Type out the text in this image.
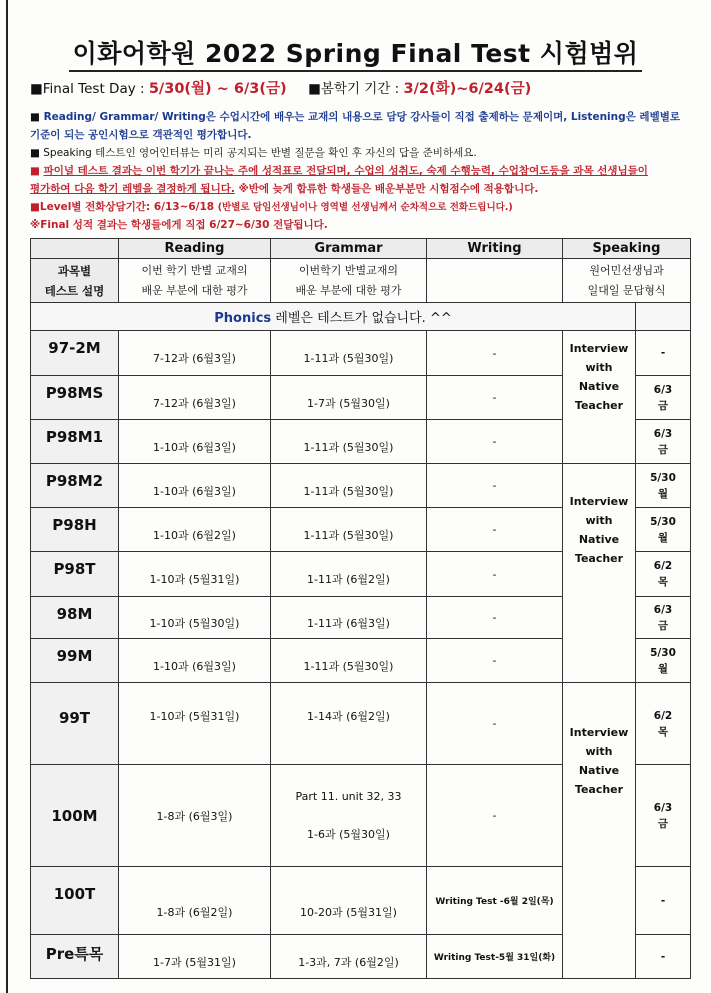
이화어학원 2022 Spring Final Test 시험범위
■Final Test Day : 5/30(월) ~ 6/3(금) ■봄학기 기간 : 3/2(화)~6/24(금)
■ Reading/ Grammar/ Writing은 수업시간에 배우는 교재의 내용으로 담당 강사들이 직접 출제하는 문제이며, Listening은 레벨별로
기준이 되는 공인시험으로 객관적인 평가합니다.
■ Speaking 테스트인 영어인터뷰는 미리 공지되는 반별 질문을 확인 후 자신의 답을 준비하세요.
■ 파이널 테스트 결과는 이번 학기가 끝나는 주에 성적표로 전달되며, 수업의 성취도, 숙제 수행능력, 수업참여도등을 과목 선생님들이
평가하여 다음 학기 레벨을 결정하게 됩니다. ※반에 늦게 합류한 학생들은 배운부분만 시험점수에 적용합니다.
■Level별 전화상담기간: 6/13~6/18 (반별로 담임선생님이나 영역별 선생님께서 순차적으로 전화드립니다.)
※Final 성적 결과는 학생들에게 직접 6/27~6/30 전달됩니다.
	Reading	Grammar	Writing	Speaking	
과목별
테스트 설명	이번 학기 반별 교재의
배운 부분에 대한 평가	이번학기 반별교재의
배운 부분에 대한 평가		원어민선생님과
일대일 문답형식	
Phonics 레벨은 테스트가 없습니다. ^^					
97-2M	7-12과 (6월3일)	1-11과 (5월30일)	-	Interview
with
Native
Teacher	-
P98MS	7-12과 (6월3일)	1-7과 (5월30일)	-		6/3
금
P98M1	1-10과 (6월3일)	1-11과 (5월30일)	-		6/3
금
P98M2	1-10과 (6월3일)	1-11과 (5월30일)	-	Interview
with
Native
Teacher	5/30
월
P98H	1-10과 (6월2일)	1-11과 (5월30일)	-		5/30
월
P98T	1-10과 (5월31일)	1-11과 (6월2일)	-		6/2
목
98M	1-10과 (5월30일)	1-11과 (6월3일)	-		6/3
금
99M	1-10과 (6월3일)	1-11과 (5월30일)	-		5/30
월
99T	1-10과 (5월31일)	1-14과 (6월2일)	-	Interview
with
Native
Teacher	6/2
목
100M	1-8과 (6월3일)	Part 11. unit 32, 33
1-6과 (5월30일)	-		6/3
금
100T	1-8과 (6월2일)	10-20과 (5월31일)	Writing Test -6월 2일(목)		-
Pre특목	1-7과 (5월31일)	1-3과, 7과 (6월2일)	Writing Test-5월 31일(화)		-
